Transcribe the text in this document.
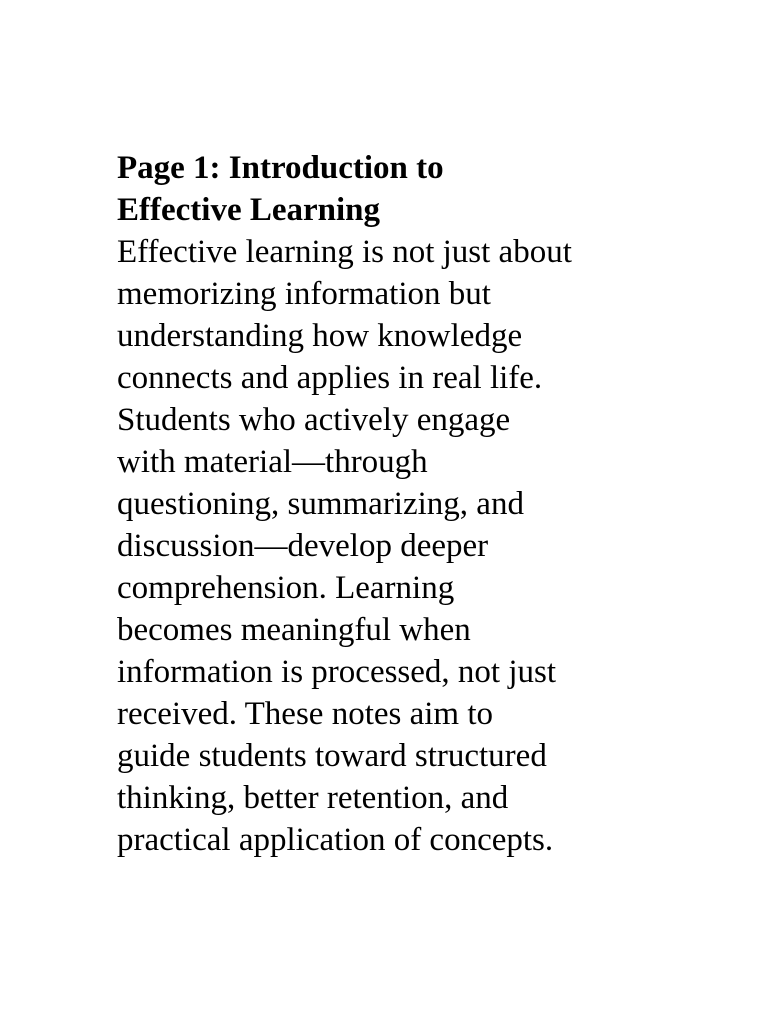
Page 1: Introduction to
Effective Learning

Effective learning is not just about
memorizing information but
understanding how knowledge
connects and applies in real life.
Students who actively engage
with material—through
questioning, summarizing, and
discussion—develop deeper
comprehension. Learning
becomes meaningful when
information is processed, not just
received. These notes aim to
guide students toward structured
thinking, better retention, and
practical application of concepts.
